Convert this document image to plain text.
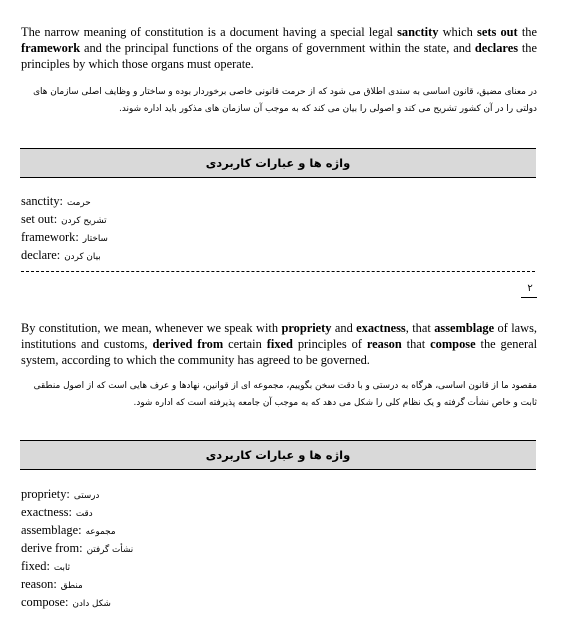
The narrow meaning of constitution is a document having a special legal sanctity which sets out the framework and the principal functions of the organs of government within the state, and declares the principles by which those organs must operate.

در معنای مضیق، قانون اساسی به سندی اطلاق می شود که از حرمت قانونی خاصی برخوردار بوده و ساختار و وظایف اصلی سازمان های دولتی را در آن کشور تشریح می کند و اصولی را بیان می کند که به موجب آن سازمان های مذکور باید اداره شوند.

واژه ها و عبارات کاربردی
sanctity: حرمت
set out: تشریح کردن
framework: ساختار
declare: بیان کردن
۲

By constitution, we mean, whenever we speak with propriety and exactness, that assemblage of laws, institutions and customs, derived from certain fixed principles of reason that compose the general system, according to which the community has agreed to be governed.

مقصود ما از قانون اساسی، هرگاه به درستی و با دقت سخن بگوییم، مجموعه ای از قوانین، نهادها و عرف هایی است که از اصول منطقی ثابت و خاص نشأت گرفته و یک نظام کلی را شکل می دهد که به موجب آن جامعه پذیرفته است که اداره شود.

واژه ها و عبارات کاربردی
propriety: درستی
exactness: دقت
assemblage: مجموعه
derive from: نشأت گرفتن
fixed: ثابت
reason: منطق
compose: شکل دادن
